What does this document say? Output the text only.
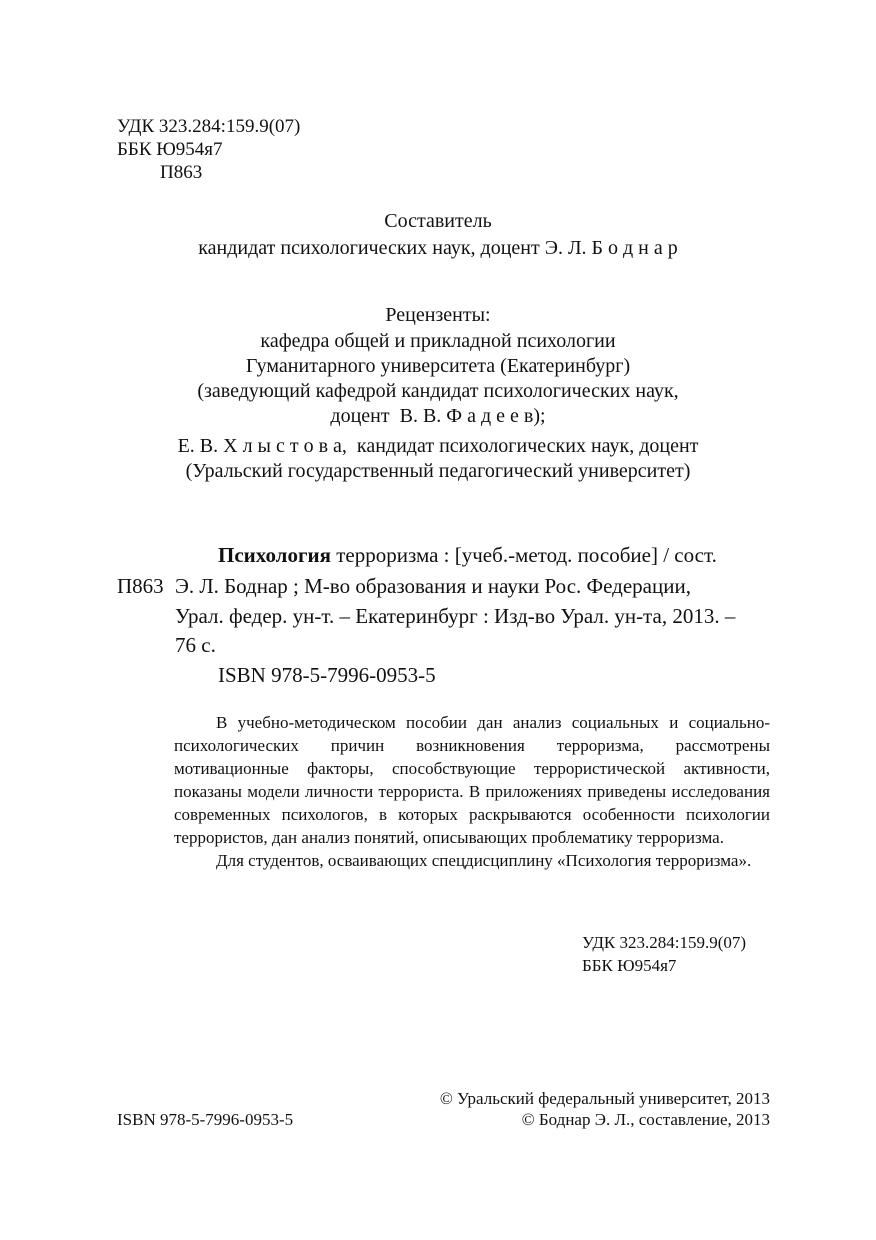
УДК 323.284:159.9(07)
ББК Ю954я7
П863
Составитель
кандидат психологических наук, доцент Э. Л. Б о д н а р
Рецензенты:
кафедра общей и прикладной психологии
Гуманитарного университета (Екатеринбург)
(заведующий кафедрой кандидат психологических наук,
доцент  В. В. Ф а д е е в);
Е. В. Х л ы с т о в а,  кандидат психологических наук, доцент
(Уральский государственный педагогический университет)
Психология терроризма : [учеб.-метод. пособие] / сост.
П863 Э. Л. Боднар ; М-во образования и науки Рос. Федерации,
Урал. федер. ун-т. – Екатеринбург : Изд-во Урал. ун-та, 2013. –
76 с.
ISBN 978-5-7996-0953-5

В учебно-методическом пособии дан анализ социальных и социально-психологических причин возникновения терроризма, рассмотрены мотивационные факторы, способствующие террористической активности, показаны модели личности террориста. В приложениях приведены исследования современных психологов, в которых раскрываются особенности психологии террористов, дан анализ понятий, описывающих проблематику терроризма.

Для студентов, осваивающих спецдисциплину «Психология терроризма».

УДК 323.284:159.9(07)
ББК Ю954я7
© Уральский федеральный университет, 2013
ISBN 978-5-7996-0953-5	© Боднар Э. Л., составление, 2013
